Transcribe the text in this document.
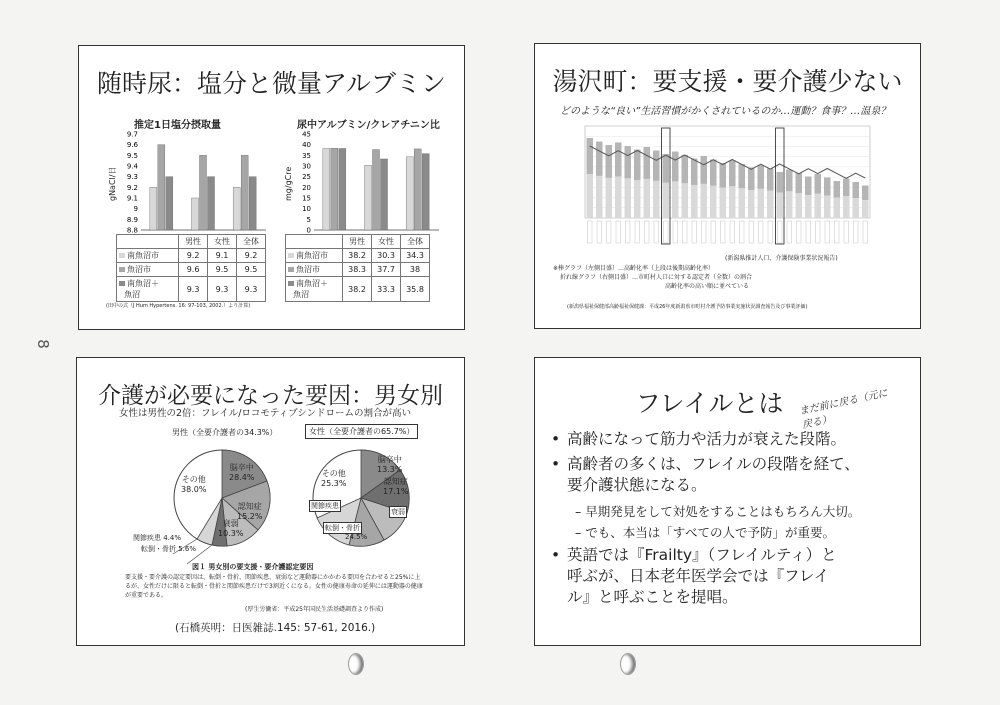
8
随時尿：塩分と微量アルブミン
推定1日塩分摂取量	尿中アルブミン/クレアチニン比
gNaCl/日	mg/gCre
9.7
9.6
9.5
9.4
9.3
9.2
9.1
9
8.9
8.8
45
40
35
30
25
20
15
10
5
0
	男性	女性	全体
南魚沼市	9.2	9.1	9.2
魚沼市	9.6	9.5	9.5
南魚沼＋
魚沼	9.3	9.3	9.3
	男性	女性	全体
南魚沼市	38.2	30.3	34.3
魚沼市	38.3	37.7	38
南魚沼＋
魚沼	38.2	33.3	35.8
(田中の式（J Hum Hypertens. 16: 97-103, 2002.）より計算)
湯沢町：要支援・要介護少ない
どのような“良い”生活習慣がかくされているのか…運動？食事？…温泉？
(新潟県推計人口、介護保険事業状況報告)
※棒グラフ（左側目盛）…高齢化率（上段は後期高齢化率）
折れ線グラフ（右側目盛）…市町村人口に対する認定者（全数）の割合
高齢化率の高い順に並べている
(新潟県福祉保健部高齢福祉保健課：平成26年度新潟県市町村介護予防事業実施状況調査報告及び事業評価)
介護が必要になった要因：男女別
女性は男性の2倍：フレイル/ロコモティブシンドロームの割合が高い
男性（全要介護者の34.3%）	女性（全要介護者の65.7%）
脳卒中
28.4%
その他
38.0%
認知症
15.2%
衰弱
10.3%
関節疾患 4.4%
転倒・骨折 5.6%
その他
25.3%
脳卒中
13.3%
認知症
17.1%
関節疾患
転倒・骨折
衰弱
24.5%
図１ 男女別の要支援・要介護認定要因
要支援・要介護の認定要因は、転倒・骨折、関節疾患、衰弱など運動器にかかわる要因を合わせると25%に上るが、女性だけに限ると転倒・骨折と関節疾患だけで3割近くになる。女性の健康寿命の延伸には運動器の健康が重要である。
(厚生労働省：平成25年国民生活基礎調査より作成)
(石橋英明：日医雑誌.145: 57-61, 2016.)
フレイルとは	まだ前に戻る（元に戻る）
• 高齢になって筋力や活力が衰えた段階。
• 高齢者の多くは、フレイルの段階を経て、
要介護状態になる。
– 早期発見をして対処をすることはもちろん大切。
– でも、本当は「すべての人で予防」が重要。
• 英語では『Frailty』（フレイルティ）と
呼ぶが、日本老年医学会では『フレイ
ル』と呼ぶことを提唱。
